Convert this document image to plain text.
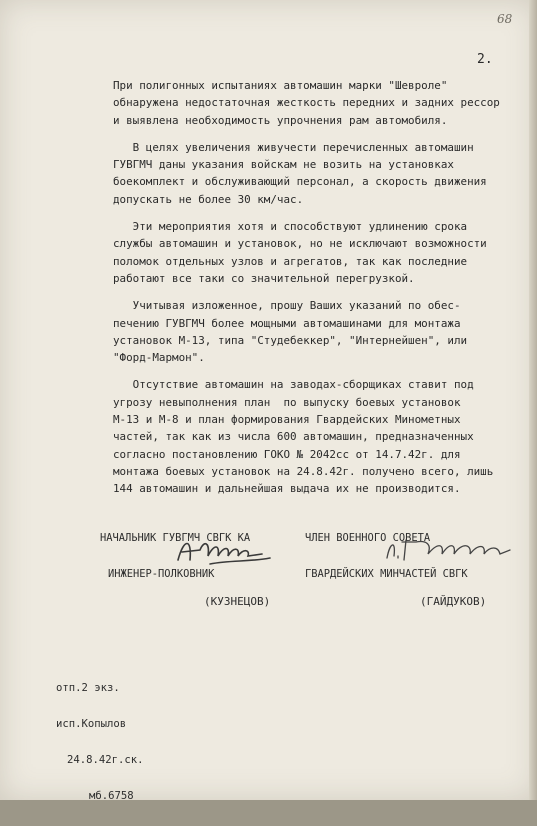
68
2.

При полигонных испытаниях автомашин марки "Шевроле"
обнаружена недостаточная жесткость передних и задних рессор
и выявлена необходимость упрочнения рам автомобиля.

В целях увеличения живучести перечисленных автомашин
ГУВГМЧ даны указания войскам не возить на установках
боекомплект и обслуживающий персонал, а скорость движения
допускать не более 30 км/час.

Эти мероприятия хотя и способствуют удлинению срока
службы автомашин и установок, но не исключают возможности
поломок отдельных узлов и агрегатов, так как последние
работают все таки со значительной перегрузкой.

Учитывая изложенное, прошу Ваших указаний по обес-
печению ГУВГМЧ более мощными автомашинами для монтажа
установок М-13, типа "Студебеккер", "Интернейшен", или
"Форд-Мармон".

Отсутствие автомашин на заводах-сборщиках ставит под
угрозу невыполнения план  по выпуску боевых установок
М-13 и М-8 и план формирования Гвардейских Минометных
частей, так как из числа 600 автомашин, предназначенных
согласно постановлению ГОКО № 2042сс от 14.7.42г. для
монтажа боевых установок на 24.8.42г. получено всего, лишь
144 автомашин и дальнейшая выдача их не производится.

НАЧАЛЬНИК ГУВГМЧ СВГК КА

ИНЖЕНЕР-ПОЛКОВНИК

ЧЛЕН ВОЕННОГО СОВЕТА

ГВАРДЕЙСКИХ МИНЧАСТЕЙ СВГК

(КУЗНЕЦОВ)	(ГАЙДУКОВ)

отп.2 экз.

исп.Копылов

24.8.42г.ск.

мб.6758
